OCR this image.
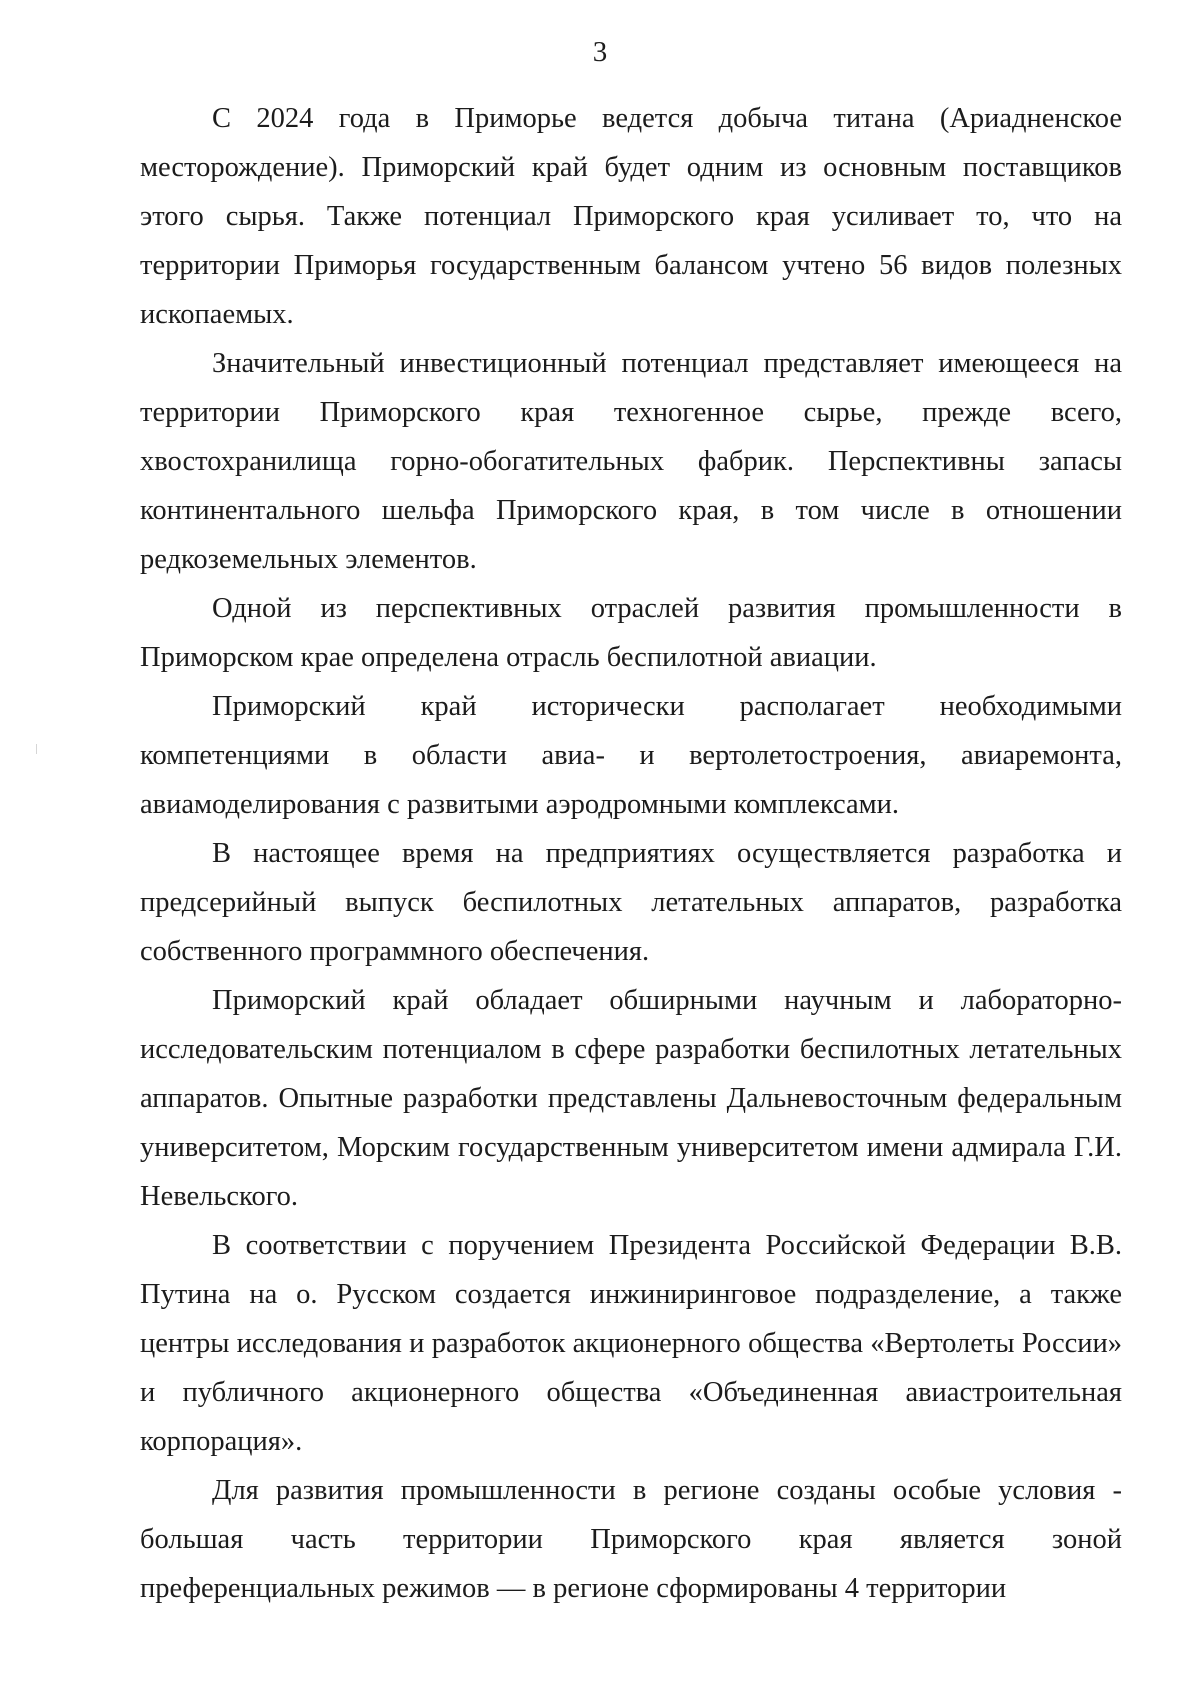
3

С 2024 года в Приморье ведется добыча титана (Ариадненское месторождение). Приморский край будет одним из основным поставщиков этого сырья. Также потенциал Приморского края усиливает то, что на территории Приморья государственным балансом учтено 56 видов полезных ископаемых.

Значительный инвестиционный потенциал представляет имеющееся на территории Приморского края техногенное сырье, прежде всего, хвостохранилища горно-обогатительных фабрик. Перспективны запасы континентального шельфа Приморского края, в том числе в отношении редкоземельных элементов.

Одной из перспективных отраслей развития промышленности в Приморском крае определена отрасль беспилотной авиации.

Приморский край исторически располагает необходимыми компетенциями в области авиа- и вертолетостроения, авиаремонта, авиамоделирования с развитыми аэродромными комплексами.

В настоящее время на предприятиях осуществляется разработка и предсерийный выпуск беспилотных летательных аппаратов, разработка собственного программного обеспечения.

Приморский край обладает обширными научным и лабораторно-исследовательским потенциалом в сфере разработки беспилотных летательных аппаратов. Опытные разработки представлены Дальневосточным федеральным университетом, Морским государственным университетом имени адмирала Г.И. Невельского.

В соответствии с поручением Президента Российской Федерации В.В. Путина на о. Русском создается инжиниринговое подразделение, а также центры исследования и разработок акционерного общества «Вертолеты России» и публичного акционерного общества «Объединенная авиастроительная корпорация».

Для развития промышленности в регионе созданы особые условия - большая часть территории Приморского края является зоной преференциальных режимов — в регионе сформированы 4 территории
